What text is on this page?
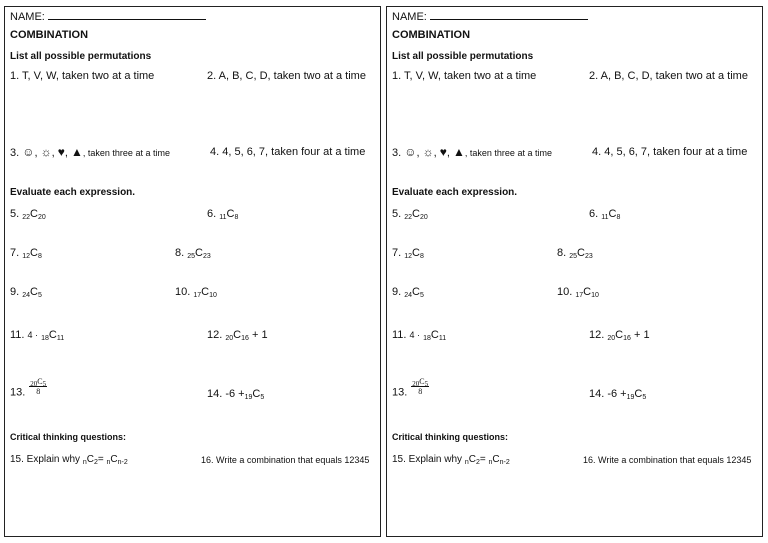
NAME:
COMBINATION
List all possible permutations
1. T, V, W, taken two at a time	2. A, B, C, D, taken two at a time
3. ☺, ☼, ♥, ▲, taken three at a time	4. 4, 5, 6, 7, taken four at a time
Evaluate each expression.
5. $_{22}C_{20}$	6. $_{11}C_8$
7. $_{12}C_8$	8. $_{25}C_{23}$
9. $_{24}C_5$	10. $_{17}C_{10}$
11. $4 \cdot _{18}C_{11}$	12. $_{20}C_{16} + 1$
13. $\frac{_{20}C_5}{8}$	14. $-6 +_{19}C_5$
Critical thinking questions:
15. Explain why $_nC_2= _nC_{n-2}$	16. Write a combination that equals 12345
NAME:
COMBINATION
List all possible permutations
1. T, V, W, taken two at a time	2. A, B, C, D, taken two at a time
3. ☺, ☼, ♥, ▲, taken three at a time	4. 4, 5, 6, 7, taken four at a time
Evaluate each expression.
5. $_{22}C_{20}$	6. $_{11}C_8$
7. $_{12}C_8$	8. $_{25}C_{23}$
9. $_{24}C_5$	10. $_{17}C_{10}$
11. $4 \cdot _{18}C_{11}$	12. $_{20}C_{16} + 1$
13. $\frac{_{20}C_5}{8}$	14. $-6 +_{19}C_5$
Critical thinking questions:
15. Explain why $_nC_2= _nC_{n-2}$	16. Write a combination that equals 12345
